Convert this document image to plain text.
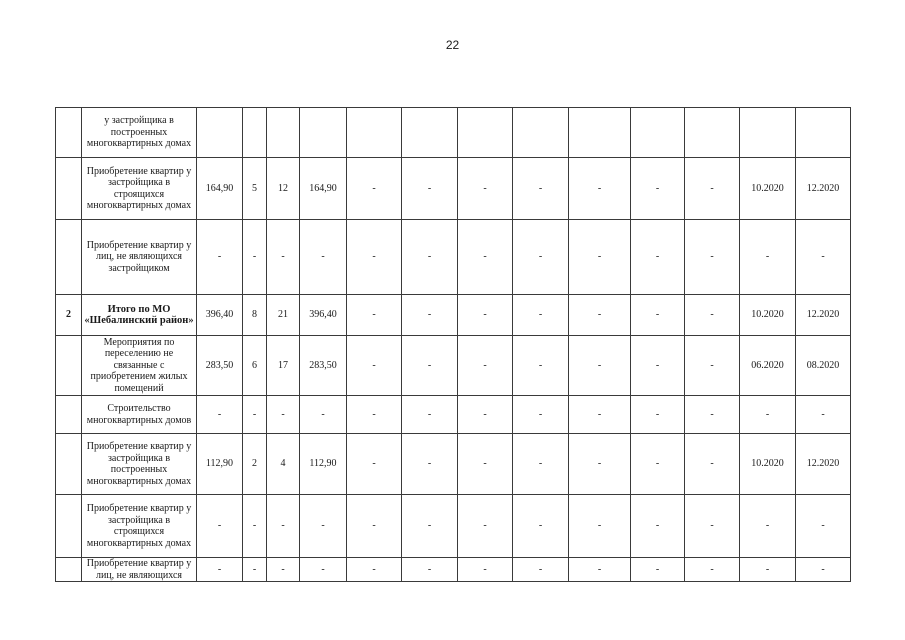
22
	у застройщика в построенных многоквартирных домах													
	Приобретение квартир у застройщика в строящихся многоквартирных домах	164,90	5	12	164,90	-	-	-	-	-	-	-	10.2020	12.2020
	Приобретение квартир у лиц, не являющихся застройщиком	-	-	-	-	-	-	-	-	-	-	-	-	-
2	Итого по МО «Шебалинский район»	396,40	8	21	396,40	-	-	-	-	-	-	-	10.2020	12.2020
	Мероприятия по переселению не связанные с приобретением жилых помещений	283,50	6	17	283,50	-	-	-	-	-	-	-	06.2020	08.2020
	Строительство многоквартирных домов	-	-	-	-	-	-	-	-	-	-	-	-	-
	Приобретение квартир у застройщика в построенных многоквартирных домах	112,90	2	4	112,90	-	-	-	-	-	-	-	10.2020	12.2020
	Приобретение квартир у застройщика в строящихся многоквартирных домах	-	-	-	-	-	-	-	-	-	-	-	-	-
	Приобретение квартир у лиц, не являющихся	-	-	-	-	-	-	-	-	-	-	-	-	-
